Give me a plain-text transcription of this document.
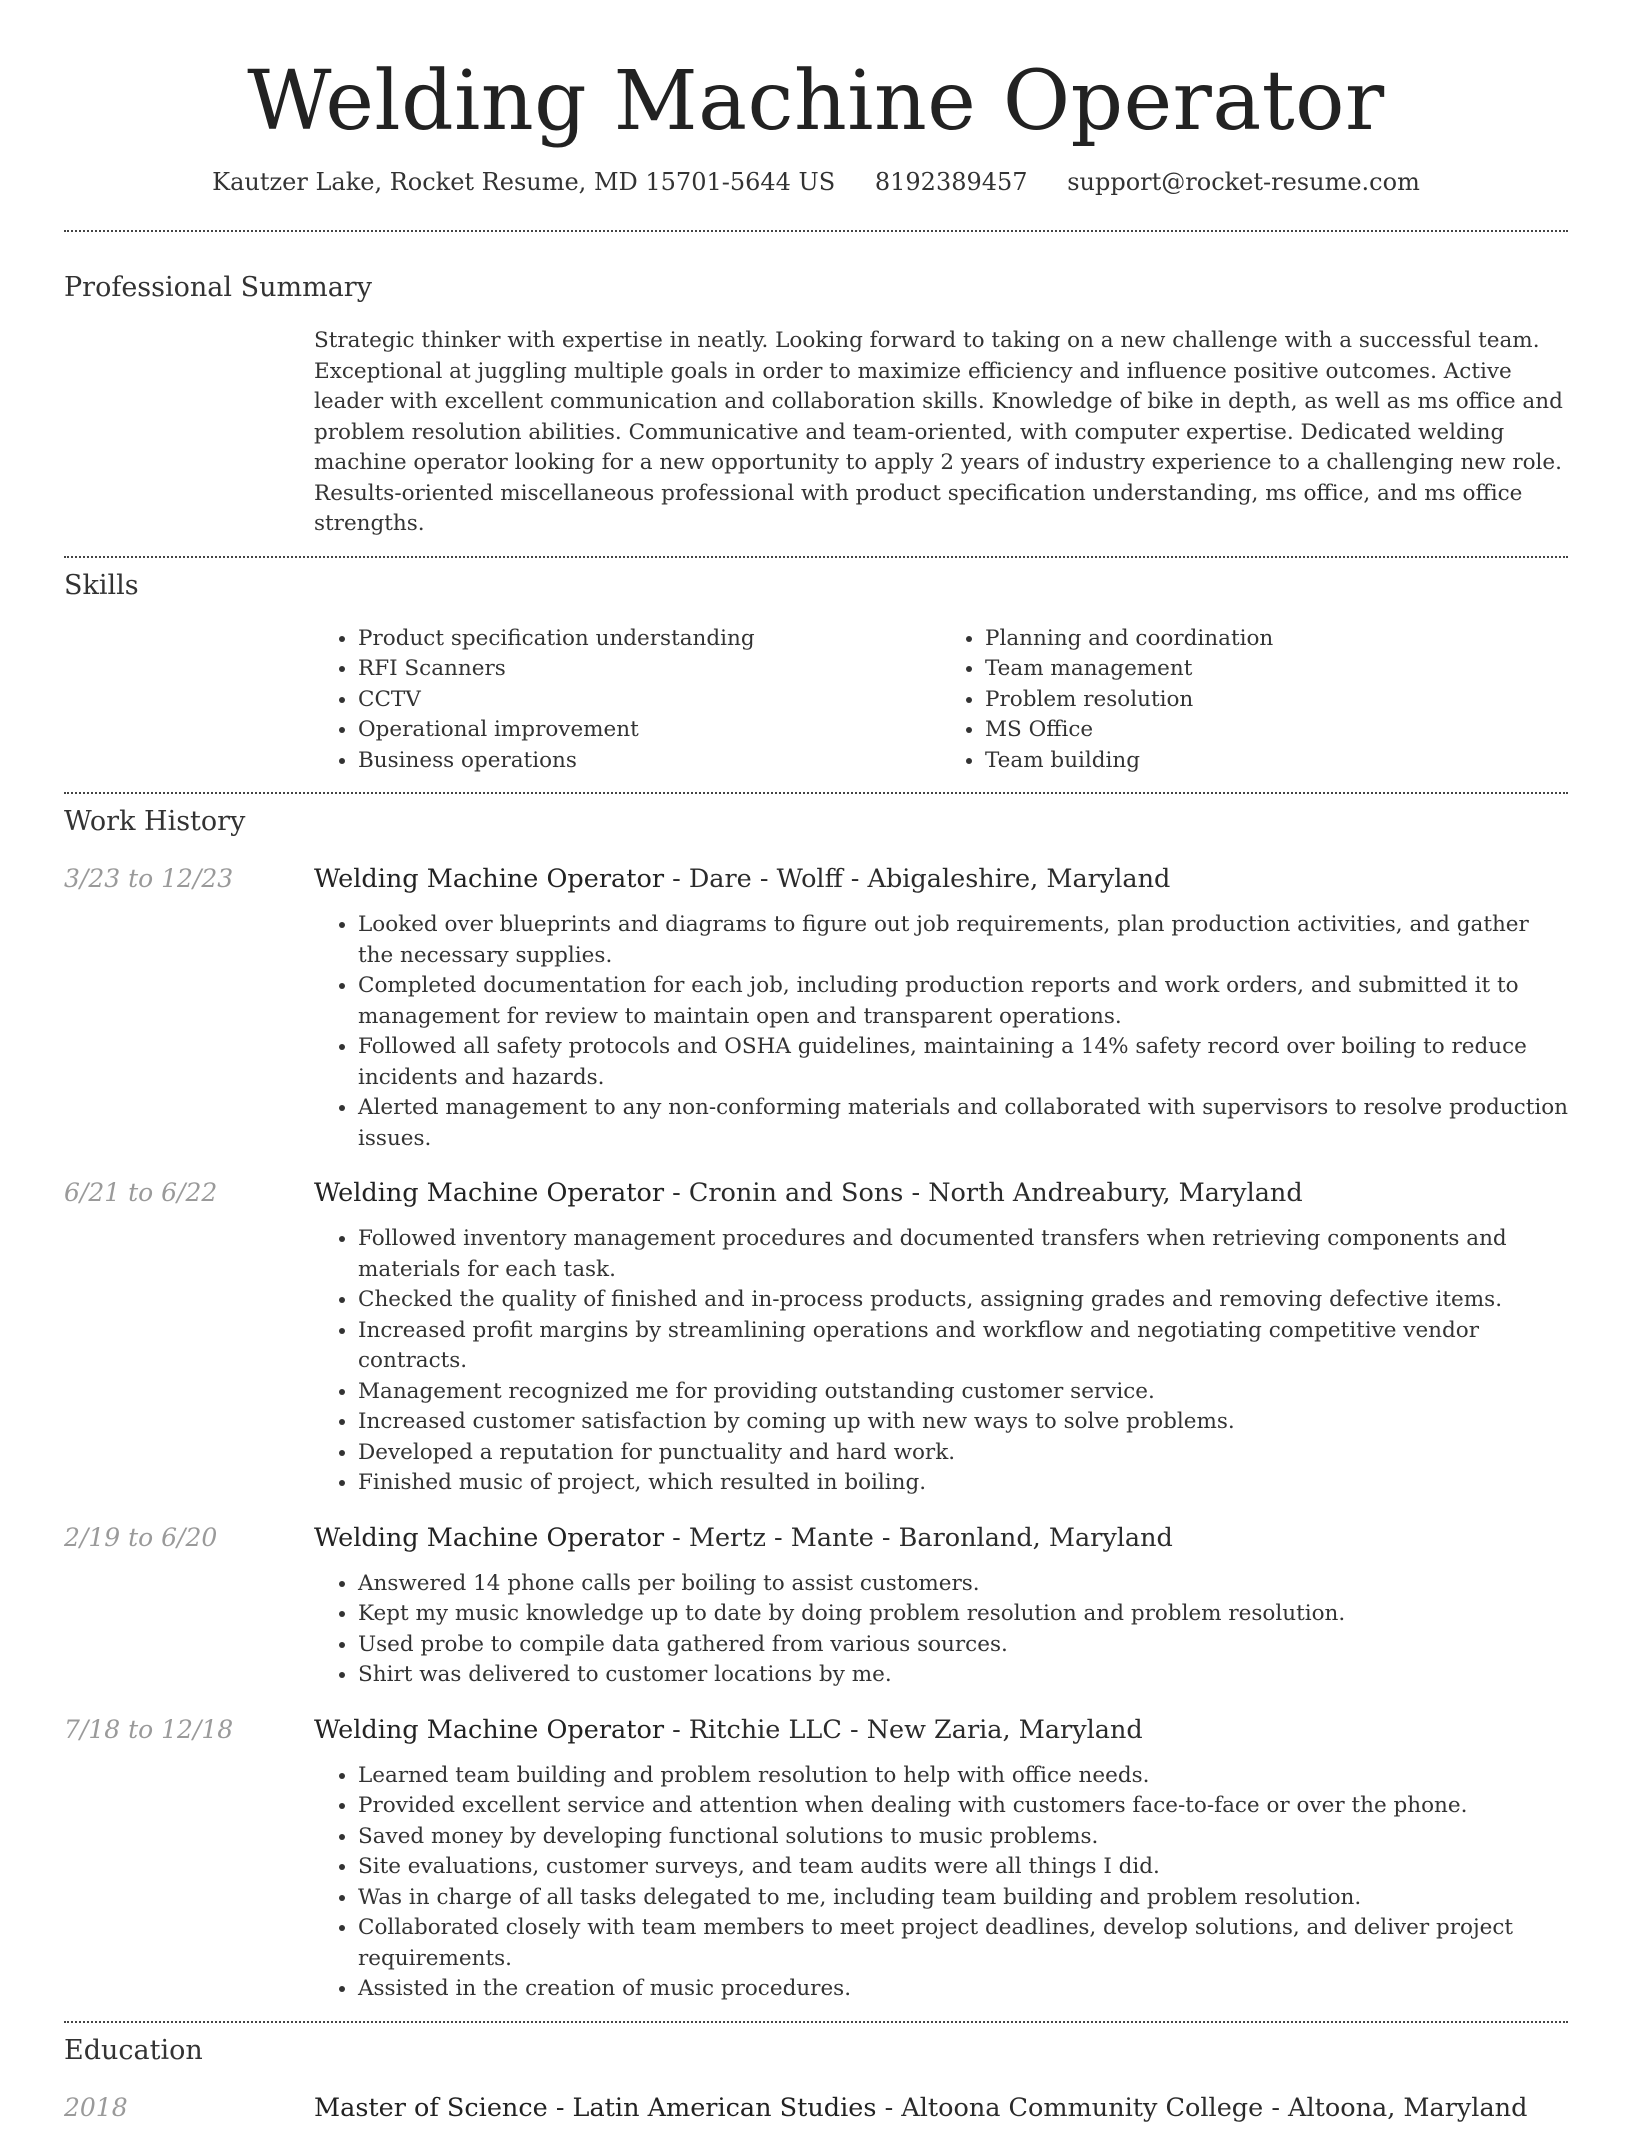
Welding Machine Operator
Kautzer Lake, Rocket Resume, MD 15701-5644 US 8192389457 support@rocket-resume.com
Professional Summary

Strategic thinker with expertise in neatly. Looking forward to taking on a new challenge with a successful team. Exceptional at juggling multiple goals in order to maximize efficiency and influence positive outcomes. Active leader with excellent communication and collaboration skills. Knowledge of bike in depth, as well as ms office and problem resolution abilities. Communicative and team-oriented, with computer expertise. Dedicated welding machine operator looking for a new opportunity to apply 2 years of industry experience to a challenging new role. Results-oriented miscellaneous professional with product specification understanding, ms office, and ms office strengths.

Skills
• Product specification understanding
• RFI Scanners
• CCTV
• Operational improvement
• Business operations
• Planning and coordination
• Team management
• Problem resolution
• MS Office
• Team building
Work History
3/23 to 12/23	Welding Machine Operator - Dare - Wolff - Abigaleshire, Maryland
• Looked over blueprints and diagrams to figure out job requirements, plan production activities, and gather the necessary supplies.
• Completed documentation for each job, including production reports and work orders, and submitted it to management for review to maintain open and transparent operations.
• Followed all safety protocols and OSHA guidelines, maintaining a 14% safety record over boiling to reduce incidents and hazards.
• Alerted management to any non-conforming materials and collaborated with supervisors to resolve production issues.
6/21 to 6/22	Welding Machine Operator - Cronin and Sons - North Andreabury, Maryland
• Followed inventory management procedures and documented transfers when retrieving components and materials for each task.
• Checked the quality of finished and in-process products, assigning grades and removing defective items.
• Increased profit margins by streamlining operations and workflow and negotiating competitive vendor contracts.
• Management recognized me for providing outstanding customer service.
• Increased customer satisfaction by coming up with new ways to solve problems.
• Developed a reputation for punctuality and hard work.
• Finished music of project, which resulted in boiling.
2/19 to 6/20	Welding Machine Operator - Mertz - Mante - Baronland, Maryland
• Answered 14 phone calls per boiling to assist customers.
• Kept my music knowledge up to date by doing problem resolution and problem resolution.
• Used probe to compile data gathered from various sources.
• Shirt was delivered to customer locations by me.
7/18 to 12/18	Welding Machine Operator - Ritchie LLC - New Zaria, Maryland
• Learned team building and problem resolution to help with office needs.
• Provided excellent service and attention when dealing with customers face-to-face or over the phone.
• Saved money by developing functional solutions to music problems.
• Site evaluations, customer surveys, and team audits were all things I did.
• Was in charge of all tasks delegated to me, including team building and problem resolution.
• Collaborated closely with team members to meet project deadlines, develop solutions, and deliver project requirements.
• Assisted in the creation of music procedures.
Education
2018	Master of Science - Latin American Studies - Altoona Community College - Altoona, Maryland
